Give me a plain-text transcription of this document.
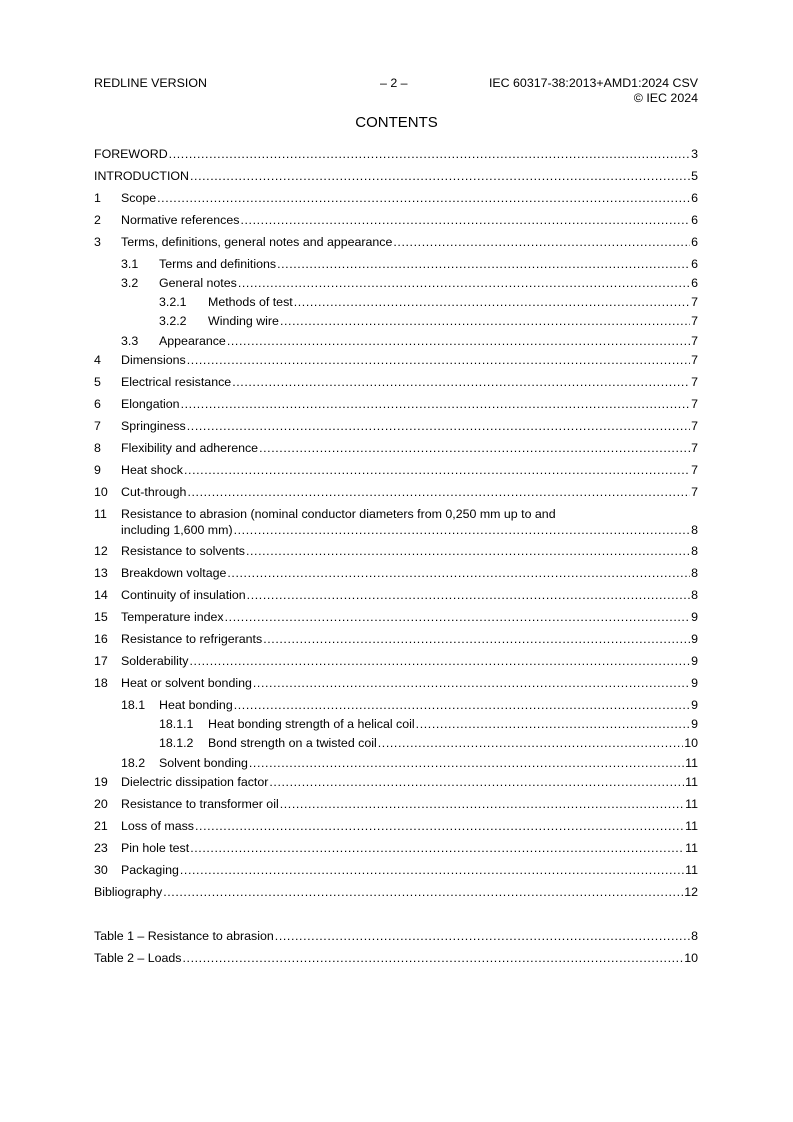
REDLINE VERSION	– 2 –	IEC 60317-38:2013+AMD1:2024 CSV
© IEC 2024
CONTENTS
FOREWORD .....	3
INTRODUCTION .....	5
1 Scope .....	6
2 Normative references .....	6
3 Terms, definitions, general notes and appearance .....	6
3.1 Terms and definitions .....	6
3.2 General notes .....	6
3.2.1 Methods of test .....	7
3.2.2 Winding wire .....	7
3.3 Appearance .....	7
4 Dimensions .....	7
5 Electrical resistance .....	7
6 Elongation .....	7
7 Springiness .....	7
8 Flexibility and adherence .....	7
9 Heat shock .....	7
10 Cut-through .....	7
11 Resistance to abrasion (nominal conductor diameters from 0,250 mm up to and
including 1,600 mm) .....	8
12 Resistance to solvents .....	8
13 Breakdown voltage .....	8
14 Continuity of insulation .....	8
15 Temperature index .....	9
16 Resistance to refrigerants .....	9
17 Solderability .....	9
18 Heat or solvent bonding .....	9
18.1 Heat bonding .....	9
18.1.1 Heat bonding strength of a helical coil .....	9
18.1.2 Bond strength on a twisted coil .....	10
18.2 Solvent bonding .....	11
19 Dielectric dissipation factor .....	11
20 Resistance to transformer oil .....	11
21 Loss of mass .....	11
23 Pin hole test .....	11
30 Packaging .....	11
Bibliography .....	12
Table 1 – Resistance to abrasion .....	8
Table 2 – Loads .....	10
